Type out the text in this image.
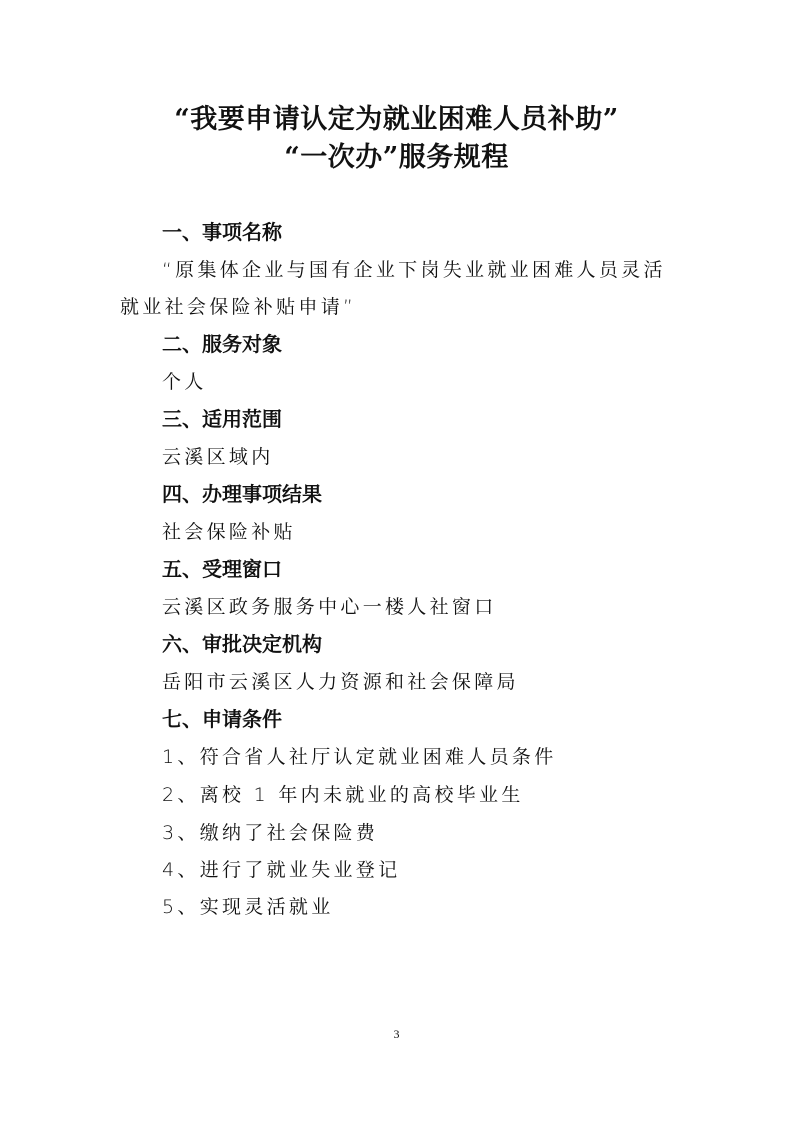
“我要申请认定为就业困难人员补助”
“一次办”服务规程
一、事项名称
“原集体企业与国有企业下岗失业就业困难人员灵活
就业社会保险补贴申请”
二、服务对象
个人
三、适用范围
云溪区域内
四、办理事项结果
社会保险补贴
五、受理窗口
云溪区政务服务中心一楼人社窗口
六、审批决定机构
岳阳市云溪区人力资源和社会保障局
七、申请条件
1、符合省人社厅认定就业困难人员条件
2、离校 1 年内未就业的高校毕业生
3、缴纳了社会保险费
4、进行了就业失业登记
5、实现灵活就业
3
